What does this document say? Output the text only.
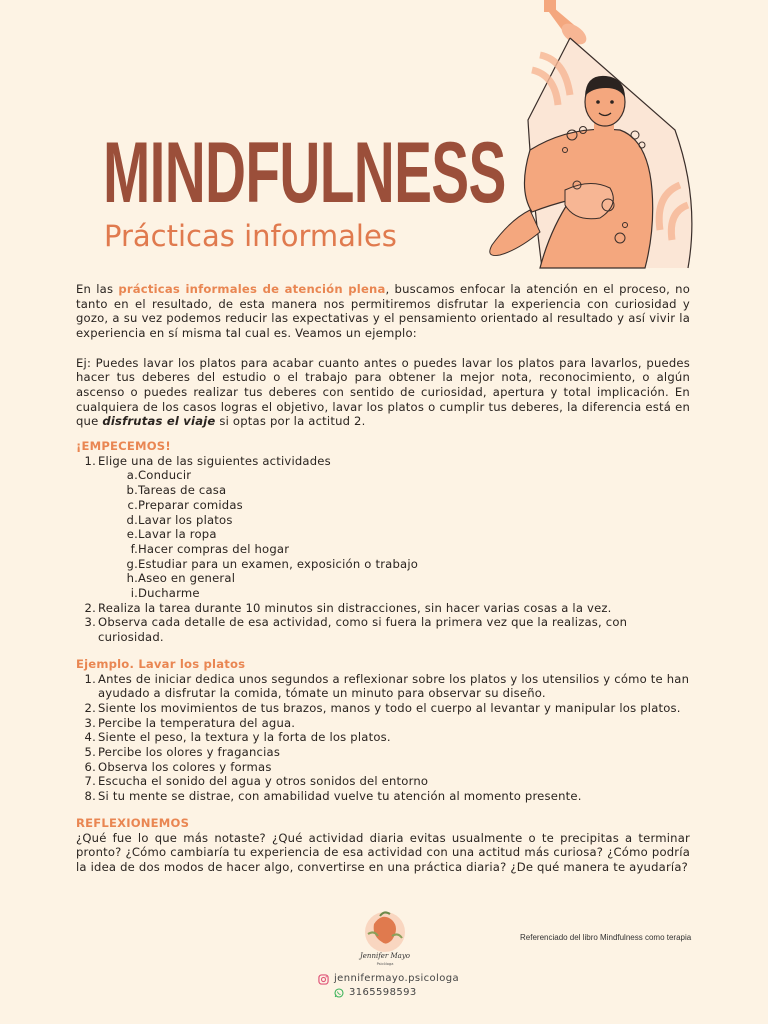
MINDFULNESS
Prácticas informales

En las prácticas informales de atención plena, buscamos enfocar la atención en el proceso, no tanto en el resultado, de esta manera nos permitiremos disfrutar la experiencia con curiosidad y gozo, a su vez podemos reducir las expectativas y el pensamiento orientado al resultado y así vivir la experiencia en sí misma tal cual es. Veamos un ejemplo:

Ej: Puedes lavar los platos para acabar cuanto antes o puedes lavar los platos para lavarlos, puedes hacer tus deberes del estudio o el trabajo para obtener la mejor nota, reconocimiento, o algún ascenso o puedes realizar tus deberes con sentido de curiosidad, apertura y total implicación. En cualquiera de los casos logras el objetivo, lavar los platos o cumplir tus deberes, la diferencia está en que disfrutas el viaje si optas por la actitud 2.

¡EMPECEMOS!
1. Elige una de las siguientes actividades
a. Conducir
b. Tareas de casa
c. Preparar comidas
d. Lavar los platos
e. Lavar la ropa
f. Hacer compras del hogar
g. Estudiar para un examen, exposición o trabajo
h. Aseo en general
i. Ducharme
2. Realiza la tarea durante 10 minutos sin distracciones, sin hacer varias cosas a la vez.
3. Observa cada detalle de esa actividad, como si fuera la primera vez que la realizas, con curiosidad.
Ejemplo. Lavar los platos
1. Antes de iniciar dedica unos segundos a reflexionar sobre los platos y los utensilios y cómo te han ayudado a disfrutar la comida, tómate un minuto para observar su diseño.
2. Siente los movimientos de tus brazos, manos y todo el cuerpo al levantar y manipular los platos.
3. Percibe la temperatura del agua.
4. Siente el peso, la textura y la forta de los platos.
5. Percibe los olores y fragancias
6. Observa los colores y formas
7. Escucha el sonido del agua y otros sonidos del entorno
8. Si tu mente se distrae, con amabilidad vuelve tu atención al momento presente.
REFLEXIONEMOS

¿Qué fue lo que más notaste? ¿Qué actividad diaria evitas usualmente o te precipitas a terminar pronto? ¿Cómo cambiaría tu experiencia de esa actividad con una actitud más curiosa? ¿Cómo podría la idea de dos modos de hacer algo, convertirse en una práctica diaria? ¿De qué manera te ayudaría?

Referenciado del libro Mindfulness como terapia
Jennifer Mayo
Psicóloga
jennifermayo.psicologa
3165598593
